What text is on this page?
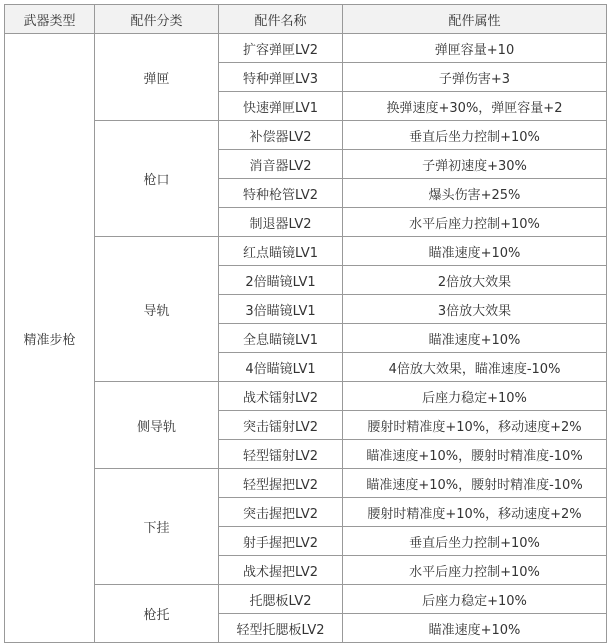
武器类型	配件分类	配件名称	配件属性
精准步枪	弹匣	扩容弹匣LV2	弹匣容量+10
		特种弹匣LV3	子弹伤害+3
		快速弹匣LV1	换弹速度+30%，弹匣容量+2
	枪口	补偿器LV2	垂直后坐力控制+10%
		消音器LV2	子弹初速度+30%
		特种枪管LV2	爆头伤害+25%
		制退器LV2	水平后座力控制+10%
	导轨	红点瞄镜LV1	瞄准速度+10%
		2倍瞄镜LV1	2倍放大效果
		3倍瞄镜LV1	3倍放大效果
		全息瞄镜LV1	瞄准速度+10%
		4倍瞄镜LV1	4倍放大效果，瞄准速度-10%
	侧导轨	战术镭射LV2	后座力稳定+10%
		突击镭射LV2	腰射时精准度+10%，移动速度+2%
		轻型镭射LV2	瞄准速度+10%，腰射时精准度-10%
	下挂	轻型握把LV2	瞄准速度+10%，腰射时精准度-10%
		突击握把LV2	腰射时精准度+10%，移动速度+2%
		射手握把LV2	垂直后坐力控制+10%
		战术握把LV2	水平后座力控制+10%
	枪托	托腮板LV2	后座力稳定+10%
		轻型托腮板LV2	瞄准速度+10%
